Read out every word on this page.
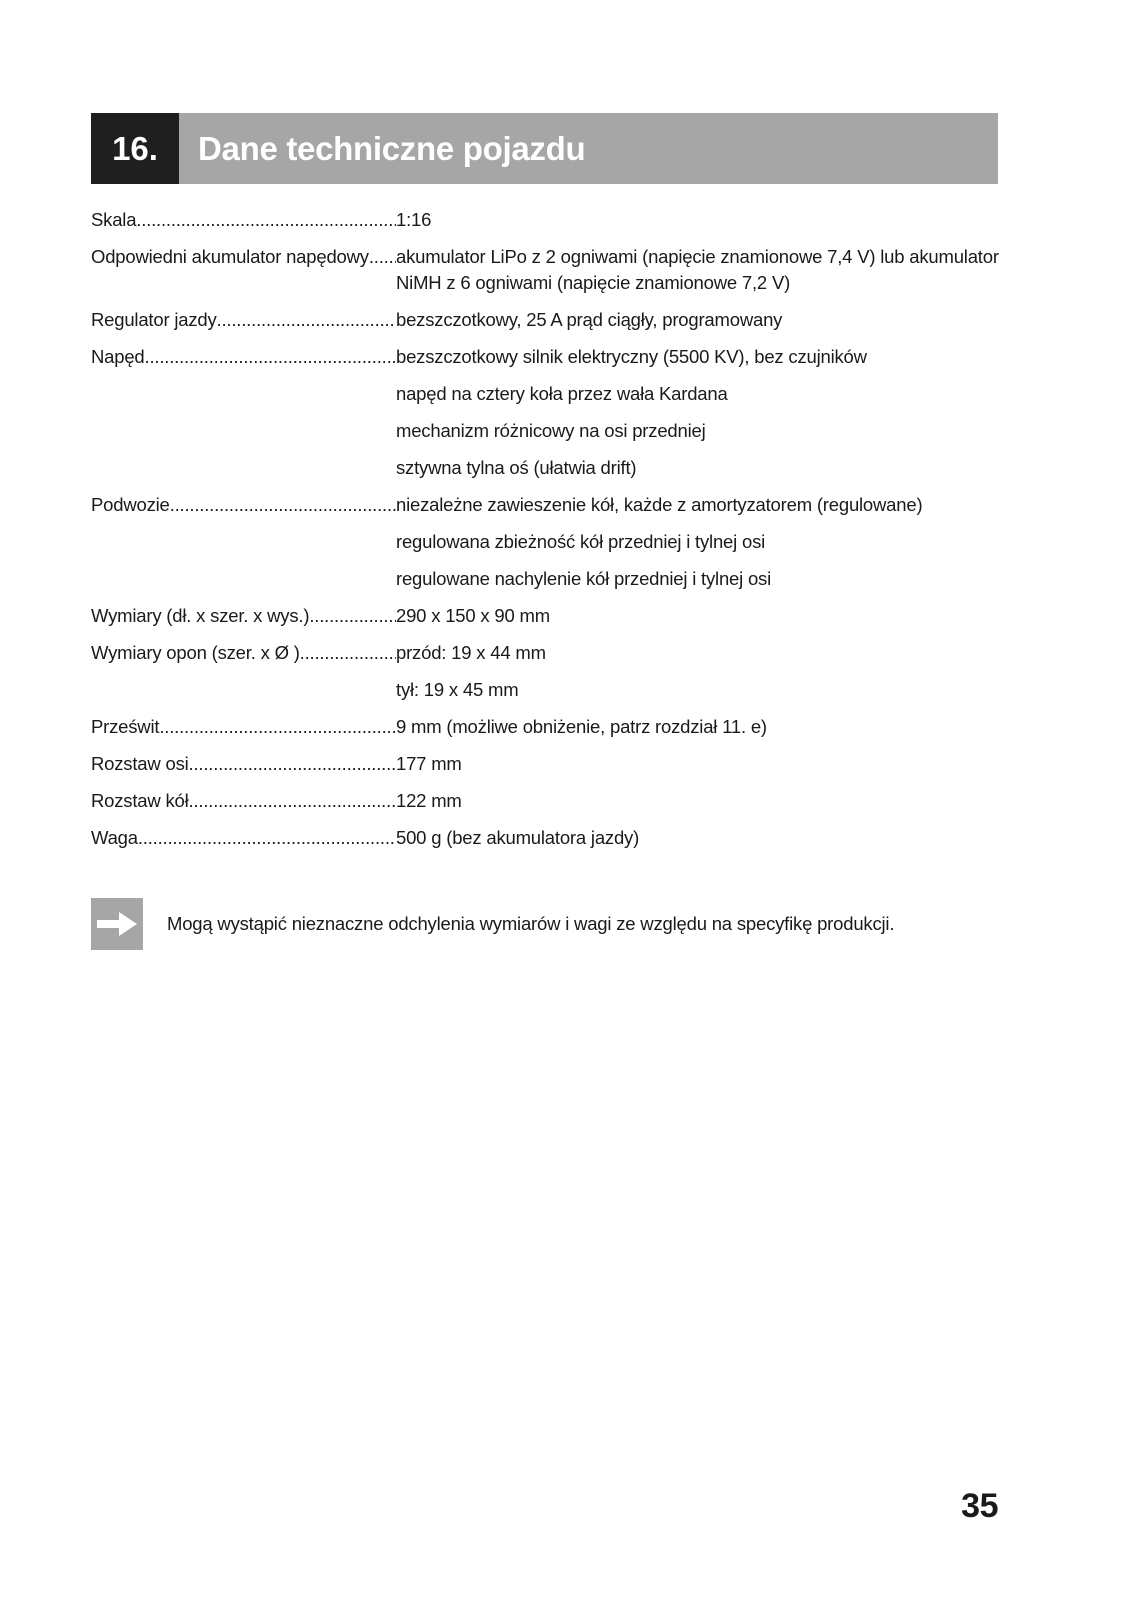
16.	Dane techniczne pojazdu
Skala .....	1:16
Odpowiedni akumulator napędowy ..... akumulator LiPo z 2 ogniwami (napięcie znamionowe 7,4 V) lub akumulator
NiMH z 6 ogniwami (napięcie znamionowe 7,2 V)
Regulator jazdy .....	bezszczotkowy, 25 A prąd ciągły, programowany
Napęd .....	bezszczotkowy silnik elektryczny (5500 KV), bez czujników
napęd na cztery koła przez wała Kardana
mechanizm różnicowy na osi przedniej
sztywna tylna oś (ułatwia drift)
Podwozie .....	niezależne zawieszenie kół, każde z amortyzatorem (regulowane)
regulowana zbieżność kół przedniej i tylnej osi
regulowane nachylenie kół przedniej i tylnej osi
Wymiary (dł. x szer. x wys.) .....	290 x 150 x 90 mm
Wymiary opon (szer. x Ø ) .....	przód: 19 x 44 mm
tył: 19 x 45 mm
Prześwit .....	9 mm (możliwe obniżenie, patrz rozdział 11. e)
Rozstaw osi .....	177 mm
Rozstaw kół .....	122 mm
Waga .....	500 g (bez akumulatora jazdy)
Mogą wystąpić nieznaczne odchylenia wymiarów i wagi ze względu na specyfikę produkcji.
35
